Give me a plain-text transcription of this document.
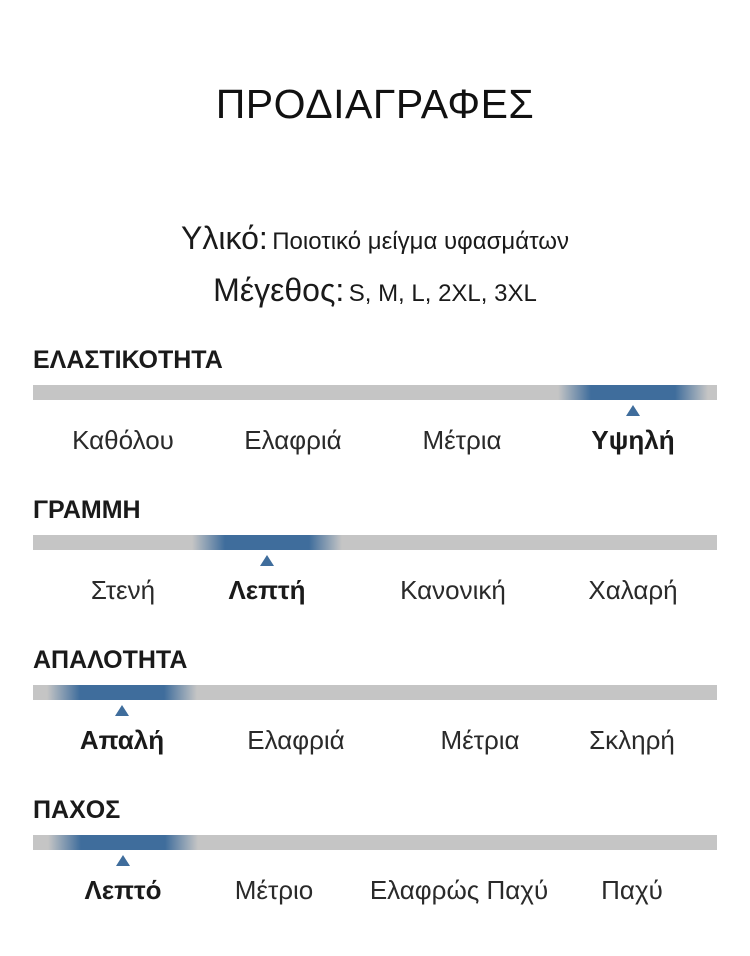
ΠΡΟΔΙΑΓΡΑΦΕΣ
Υλικό: Ποιοτικό μείγμα υφασμάτων
Μέγεθος: S, M, L, 2XL, 3XL
ΕΛΑΣΤΙΚΟΤΗΤΑ
Καθόλου	Ελαφριά	Μέτρια	Υψηλή
ΓΡΑΜΜΗ
Στενή	Λεπτή	Κανονική	Χαλαρή
ΑΠΑΛΟΤΗΤΑ
Απαλή	Ελαφριά	Μέτρια	Σκληρή
ΠΑΧΟΣ
Λεπτό	Μέτριο	Ελαφρώς Παχύ	Παχύ
